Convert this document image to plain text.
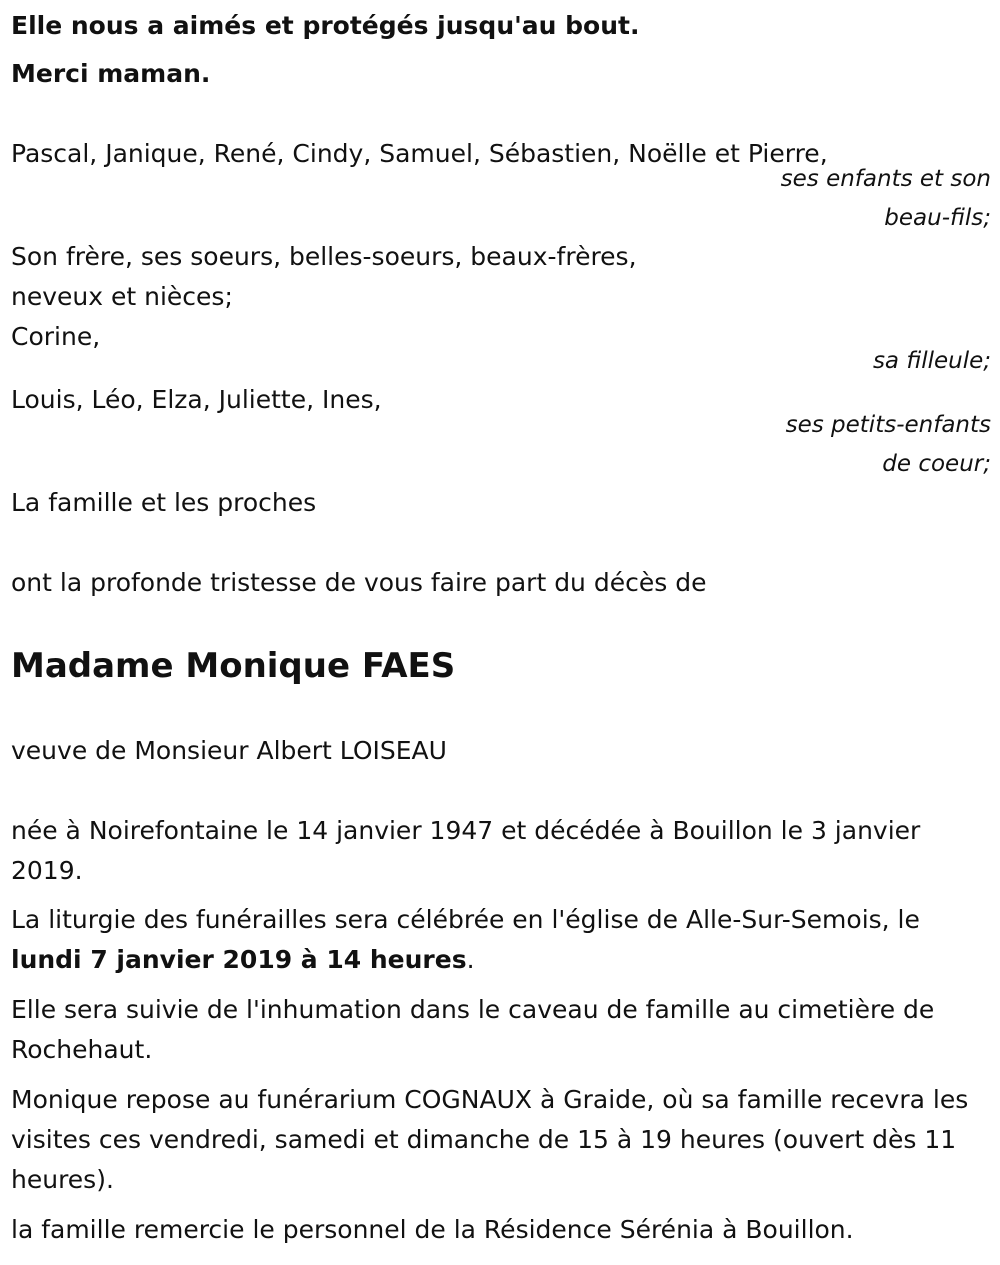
Elle nous a aimés et protégés jusqu'au bout.

Merci maman.

Pascal, Janique, René, Cindy, Samuel, Sébastien, Noëlle et Pierre,

ses enfants et son

beau-fils;

Son frère, ses soeurs, belles-soeurs, beaux-frères,

neveux et nièces;

Corine,

sa filleule;

Louis, Léo, Elza, Juliette, Ines,

ses petits-enfants

de coeur;

La famille et les proches

ont la profonde tristesse de vous faire part du décès de

Madame Monique FAES

veuve de Monsieur Albert LOISEAU

née à Noirefontaine le 14 janvier 1947 et décédée à Bouillon le 3 janvier 2019.

La liturgie des funérailles sera célébrée en l'église de Alle-Sur-Semois, le lundi 7 janvier 2019 à 14 heures.

Elle sera suivie de l'inhumation dans le caveau de famille au cimetière de Rochehaut.

Monique repose au funérarium COGNAUX à Graide, où sa famille recevra les visites ces vendredi, samedi et dimanche de 15 à 19 heures (ouvert dès 11 heures).

la famille remercie le personnel de la Résidence Sérénia à Bouillon.
